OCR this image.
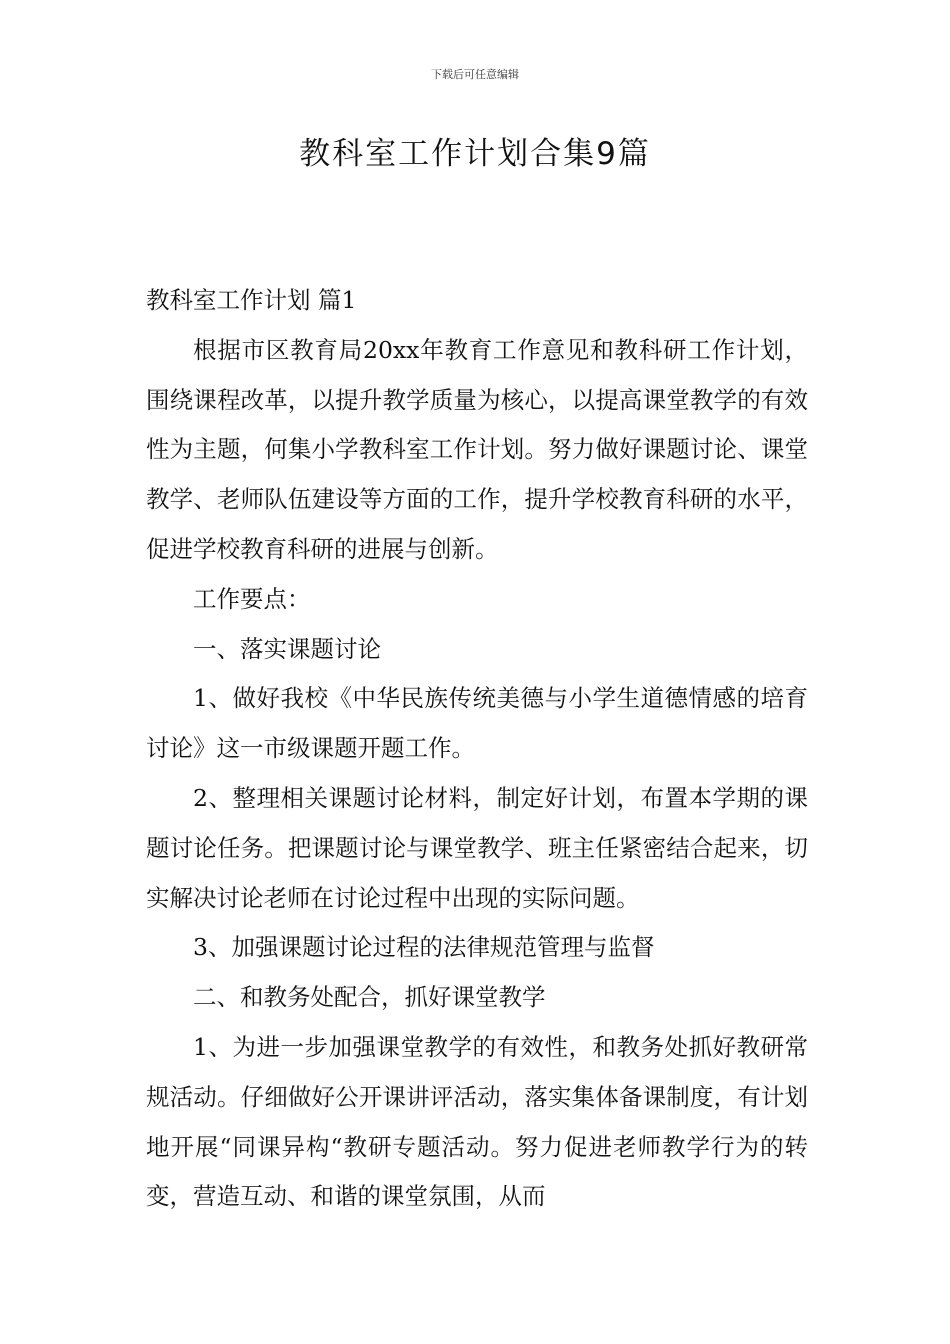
下载后可任意编辑
教科室工作计划合集9篇

教科室工作计划 篇1

根据市区教育局20xx年教育工作意见和教科研工作计划，围绕课程改革，以提升教学质量为核心，以提高课堂教学的有效性为主题，何集小学教科室工作计划。努力做好课题讨论、课堂教学、老师队伍建设等方面的工作，提升学校教育科研的水平，促进学校教育科研的进展与创新。

工作要点：

一、落实课题讨论

1、做好我校《中华民族传统美德与小学生道德情感的培育讨论》这一市级课题开题工作。

2、整理相关课题讨论材料，制定好计划，布置本学期的课题讨论任务。把课题讨论与课堂教学、班主任紧密结合起来，切实解决讨论老师在讨论过程中出现的实际问题。

3、加强课题讨论过程的法律规范管理与监督

二、和教务处配合，抓好课堂教学

1、为进一步加强课堂教学的有效性，和教务处抓好教研常规活动。仔细做好公开课讲评活动，落实集体备课制度，有计划地开展“同课异构“教研专题活动。努力促进老师教学行为的转变，营造互动、和谐的课堂氛围，从而
